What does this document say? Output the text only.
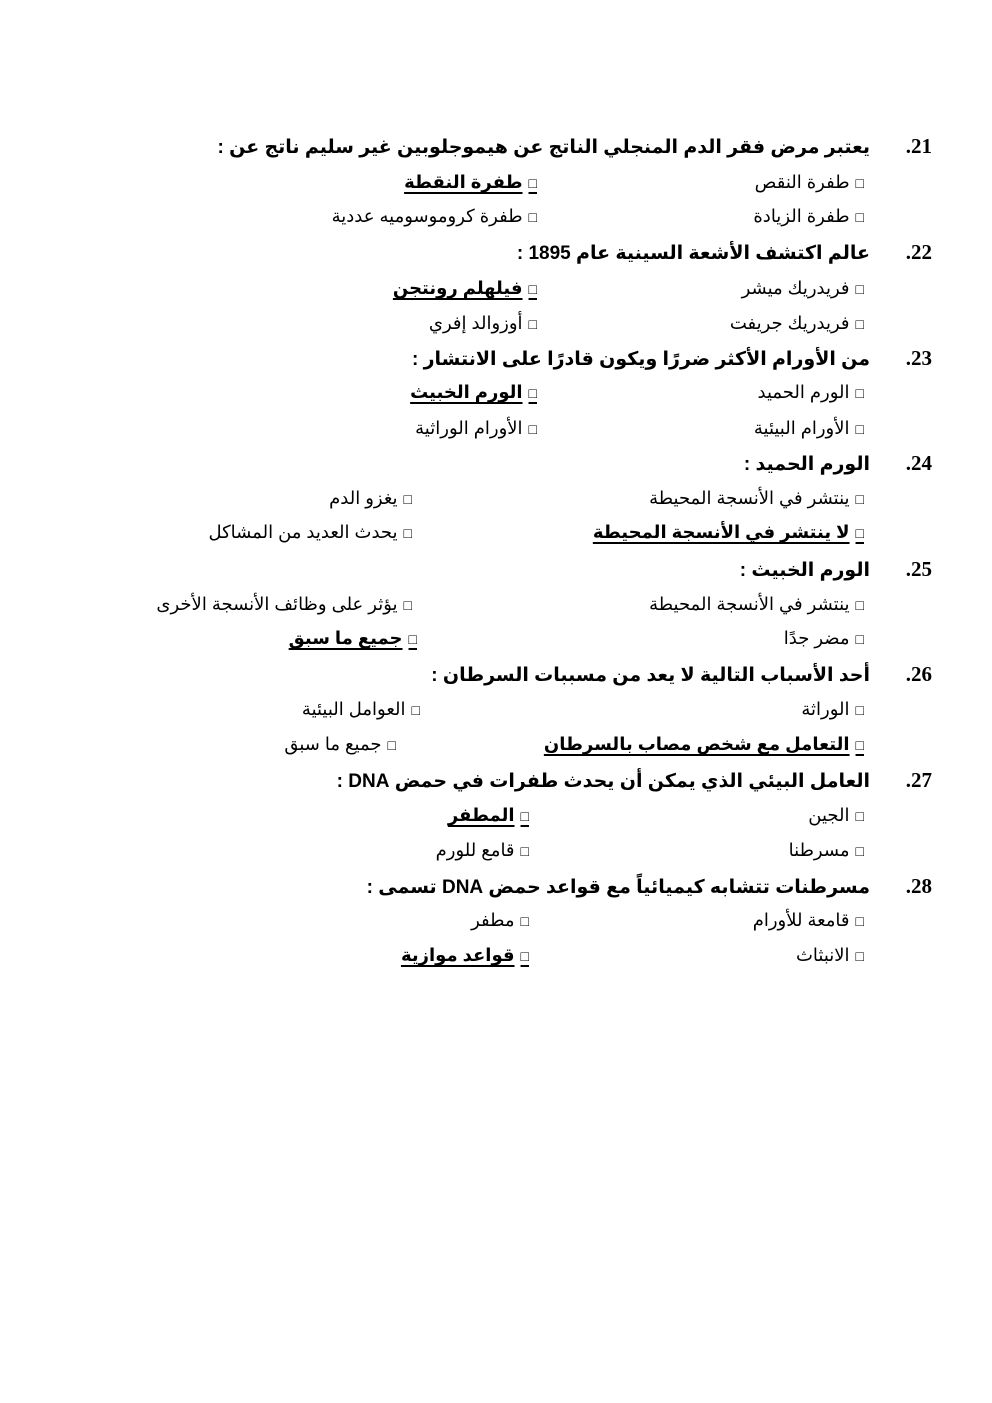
21.يعتبر مرض فقر الدم المنجلي الناتج عن هيموجلوبين غير سليم ناتج عن :
□طفرة النقص
□طفرة النقطة
□طفرة الزيادة
□طفرة كروموسوميه عددية
22.عالم اكتشف الأشعة السينية عام 1895 :
□فريدريك ميشر
□فيلهلم رونتجن
□فريدريك جريفت
□أوزوالد إفري
23.من الأورام الأكثر ضررًا ويكون قادرًا على الانتشار :
□الورم الحميد
□الورم الخبيث
□الأورام البيئية
□الأورام الوراثية
24.الورم الحميد :
□ينتشر في الأنسجة المحيطة
□يغزو الدم
□لا ينتشر في الأنسجة المحيطة
□يحدث العديد من المشاكل
25.الورم الخبيث :
□ينتشر في الأنسجة المحيطة
□يؤثر على وظائف الأنسجة الأخرى
□مضر جدًا
□جميع ما سبق
26.أحد الأسباب التالية لا يعد من مسببات السرطان :
□الوراثة
□العوامل البيئية
□التعامل مع شخص مصاب بالسرطان
□جميع ما سبق
27.العامل البيئي الذي يمكن أن يحدث طفرات في حمض DNA :
□الجين
□المطفر
□مسرطنا
□قامع للورم
28.مسرطنات تتشابه كيميائياً مع قواعد حمض DNA تسمى :
□قامعة للأورام
□مطفر
□الانبثاث
□قواعد موازية
